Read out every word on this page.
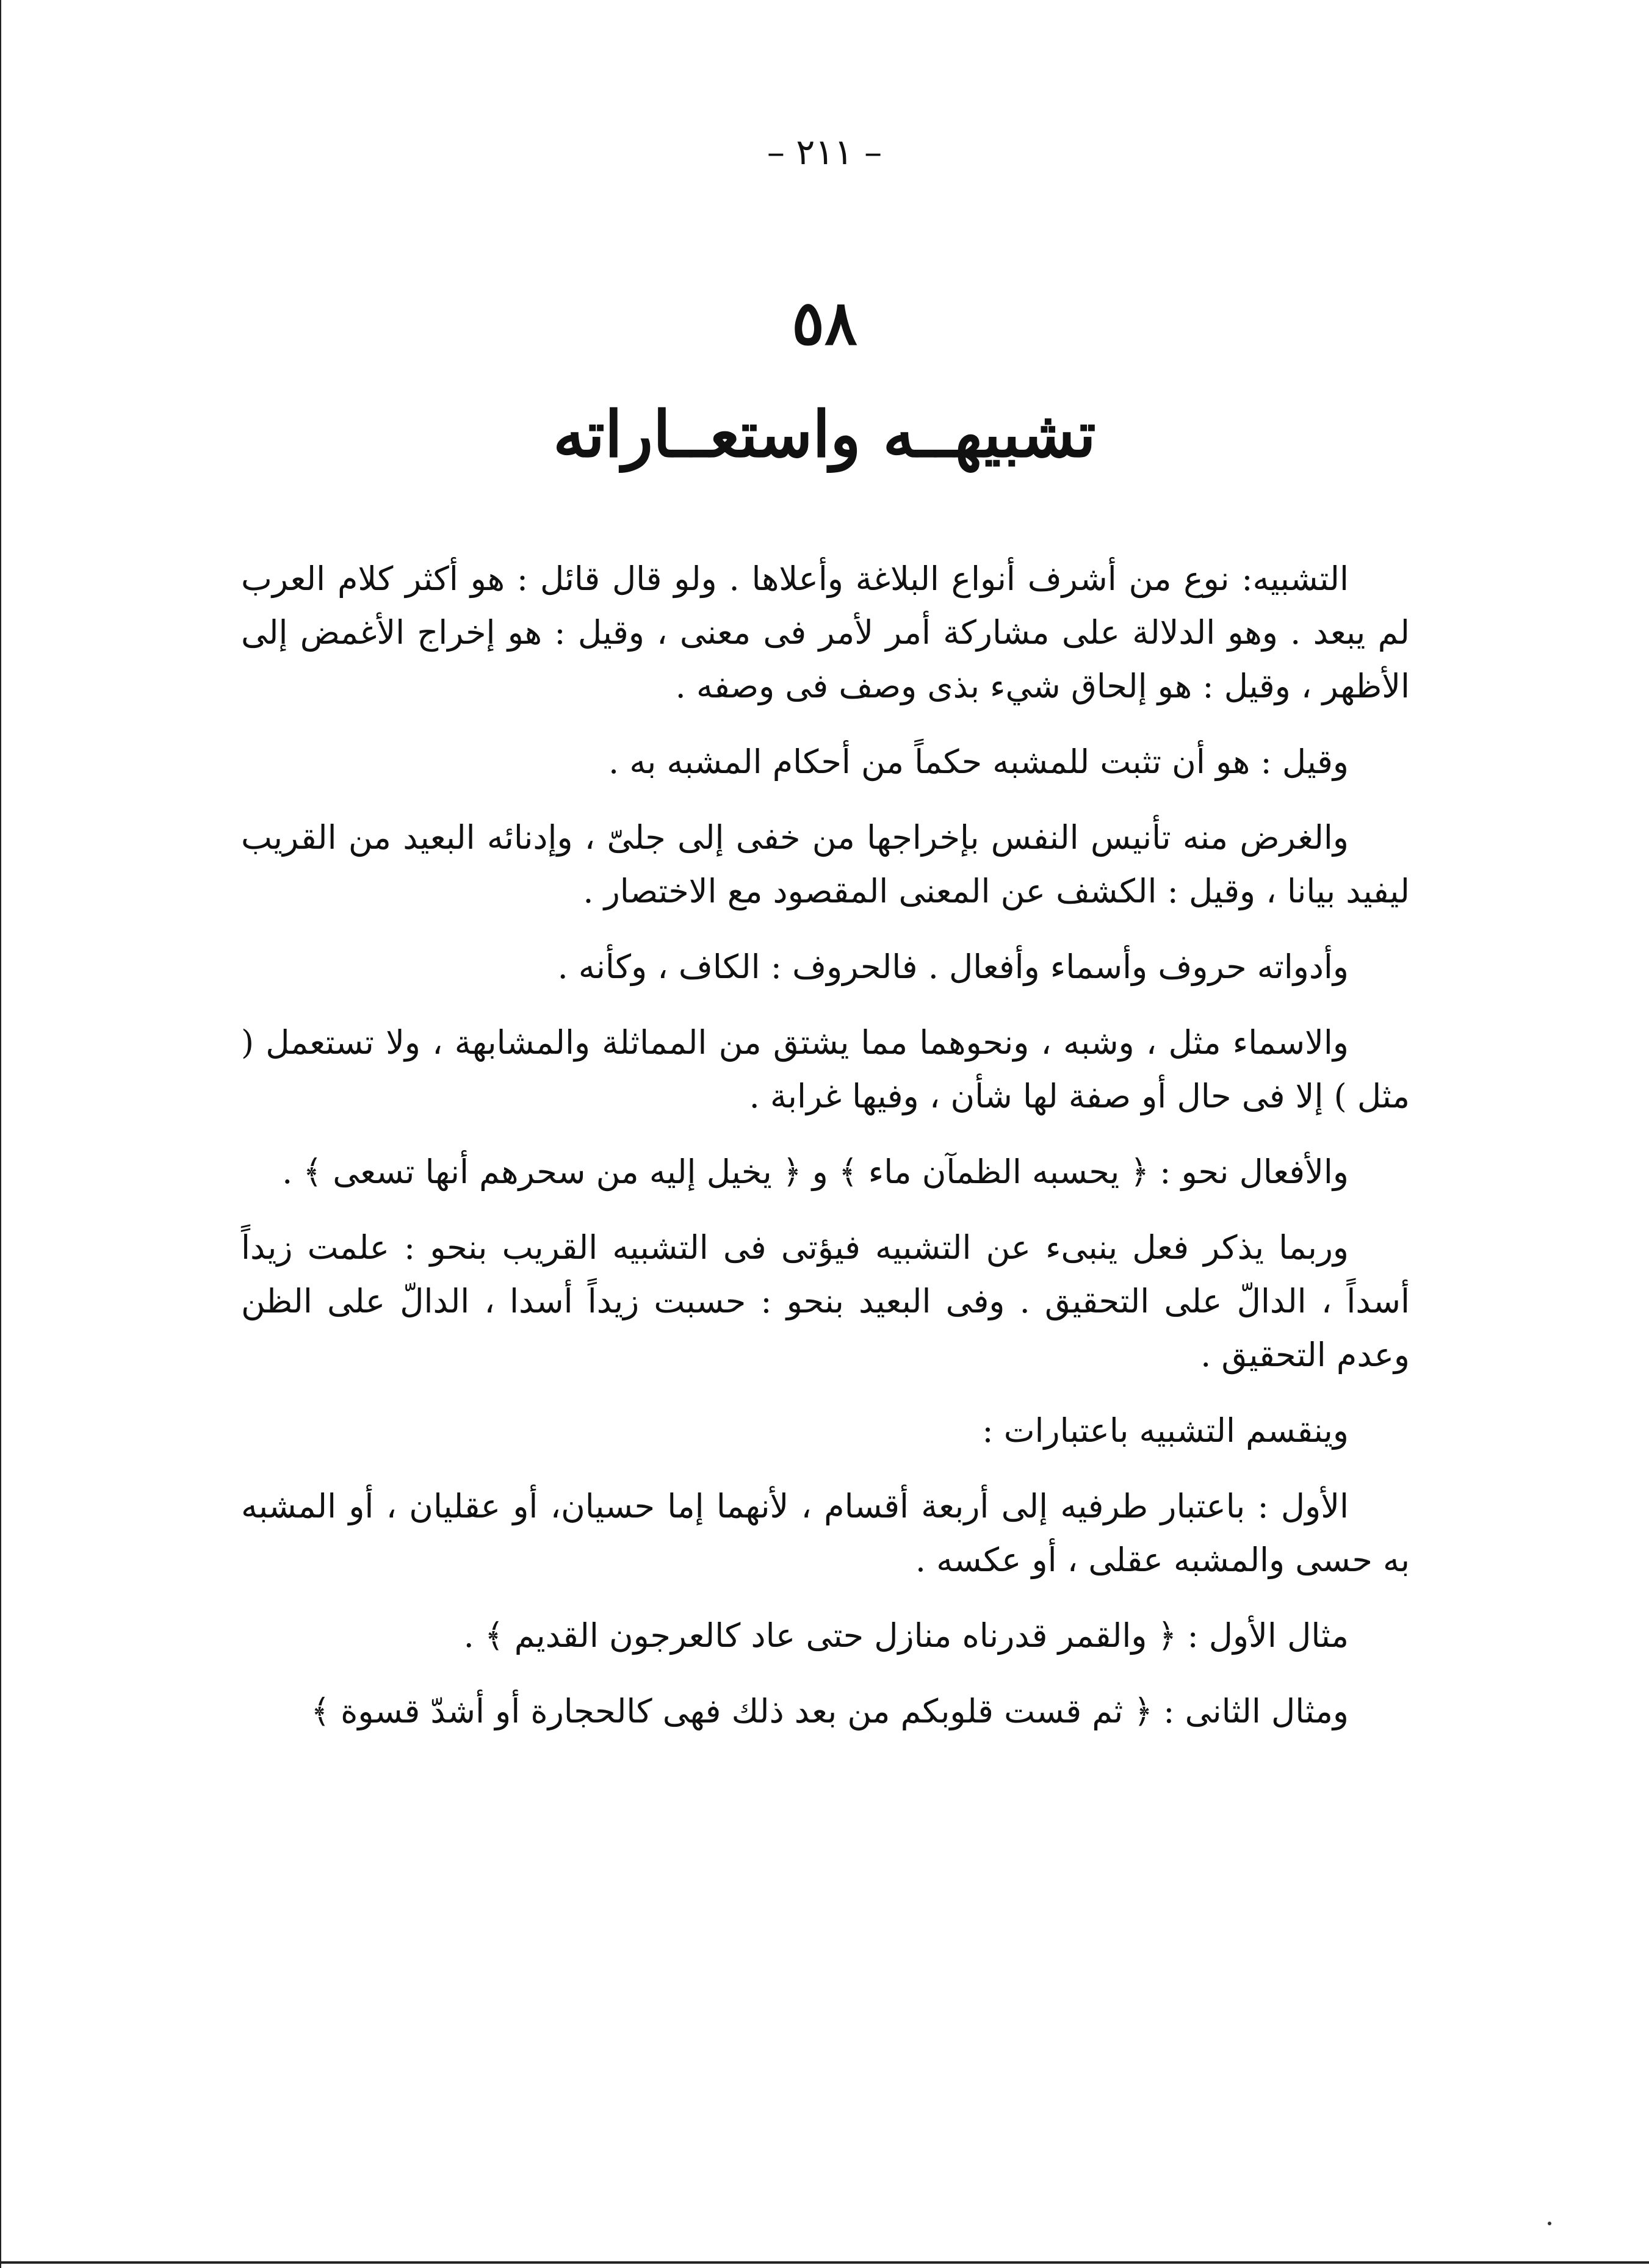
– ٢١١ –
٥٨
تشبيهــه واستعــاراته

التشبيه: نوع من أشرف أنواع البلاغة وأعلاها . ولو قال قائل : هو أكثر كلام العرب لم يبعد . وهو الدلالة على مشاركة أمر لأمر فى معنى ، وقيل : هو إخراج الأغمض إلى الأظهر ، وقيل : هو إلحاق شيء بذى وصف فى وصفه .

وقيل : هو أن تثبت للمشبه حكماً من أحكام المشبه به .

والغرض منه تأنيس النفس بإخراجها من خفى إلى جلىّ ، وإدنائه البعيد من القريب ليفيد بيانا ، وقيل : الكشف عن المعنى المقصود مع الاختصار .

وأدواته حروف وأسماء وأفعال . فالحروف : الكاف ، وكأنه .

والاسماء مثل ، وشبه ، ونحوهما مما يشتق من المماثلة والمشابهة ، ولا تستعمل ( مثل ) إلا فى حال أو صفة لها شأن ، وفيها غرابة .

والأفعال نحو : ﴿ يحسبه الظمآن ماء ﴾ و ﴿ يخيل إليه من سحرهم أنها تسعى ﴾ .

وربما يذكر فعل ينبىء عن التشبيه فيؤتى فى التشبيه القريب بنحو : علمت زيداً أسداً ، الدالّ على التحقيق . وفى البعيد بنحو : حسبت زيداً أسدا ، الدالّ على الظن وعدم التحقيق .

وينقسم التشبيه باعتبارات :

الأول : باعتبار طرفيه إلى أربعة أقسام ، لأنهما إما حسيان، أو عقليان ، أو المشبه به حسى والمشبه عقلى ، أو عكسه .

مثال الأول : ﴿ والقمر قدرناه منازل حتى عاد كالعرجون القديم ﴾ .

ومثال الثانى : ﴿ ثم قست قلوبكم من بعد ذلك فهى كالحجارة أو أشدّ قسوة ﴾
